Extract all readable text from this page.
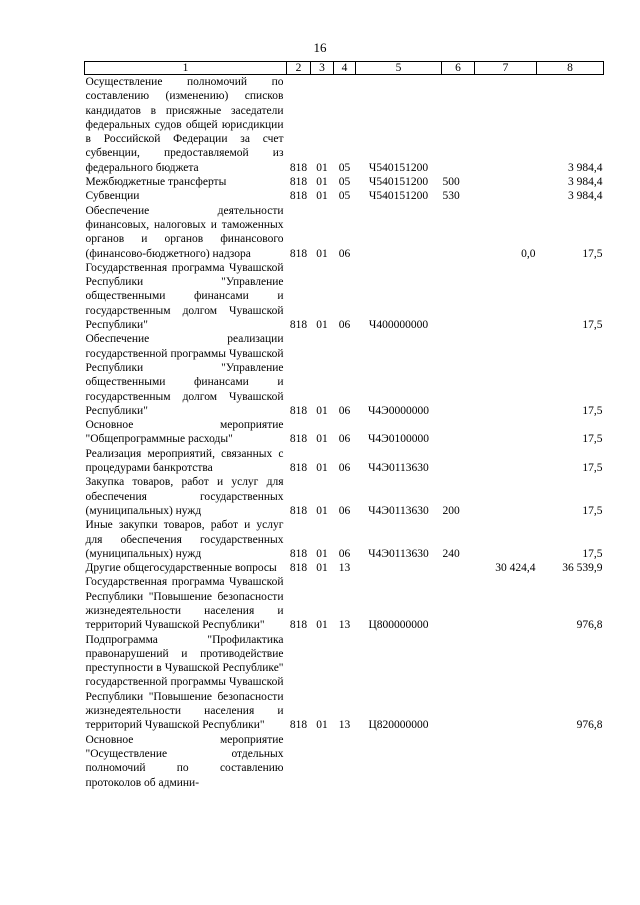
16
1	2	3	4	5	6	7	8
Осуществление полномочий по составлению (изменению) списков кандидатов в присяжные заседатели федеральных судов общей юрисдикции в Российской Федерации за счет субвенции, предоставляемой из федерального бюджета	818	01	05	Ч540151200			3 984,4
Межбюджетные трансферты	818	01	05	Ч540151200	500		3 984,4
Субвенции	818	01	05	Ч540151200	530		3 984,4
Обеспечение деятельности финансовых, налоговых и таможенных органов и органов финансового (финансово-бюджетного) надзора	818	01	06			0,0	17,5
Государственная программа Чувашской Республики "Управление общественными финансами и государственным долгом Чувашской Республики"	818	01	06	Ч400000000			17,5
Обеспечение реализации государственной программы Чувашской Республики "Управление общественными финансами и государственным долгом Чувашской Республики"	818	01	06	Ч4Э0000000			17,5
Основное мероприятие "Общепрограммные расходы"	818	01	06	Ч4Э0100000			17,5
Реализация мероприятий, связанных с процедурами банкротства	818	01	06	Ч4Э0113630			17,5
Закупка товаров, работ и услуг для обеспечения государственных (муниципальных) нужд	818	01	06	Ч4Э0113630	200		17,5
Иные закупки товаров, работ и услуг для обеспечения государственных (муниципальных) нужд	818	01	06	Ч4Э0113630	240		17,5
Другие общегосударственные вопросы	818	01	13			30 424,4	36 539,9
Государственная программа Чувашской Республики "Повышение безопасности жизнедеятельности населения и территорий Чувашской Республики"	818	01	13	Ц800000000			976,8
Подпрограмма "Профилактика правонарушений и противодействие преступности в Чувашской Республике" государственной программы Чувашской Республики "Повышение безопасности жизнедеятельности населения и территорий Чувашской Республики"	818	01	13	Ц820000000			976,8
Основное мероприятие "Осуществление отдельных полномочий по составлению протоколов об админи-							
